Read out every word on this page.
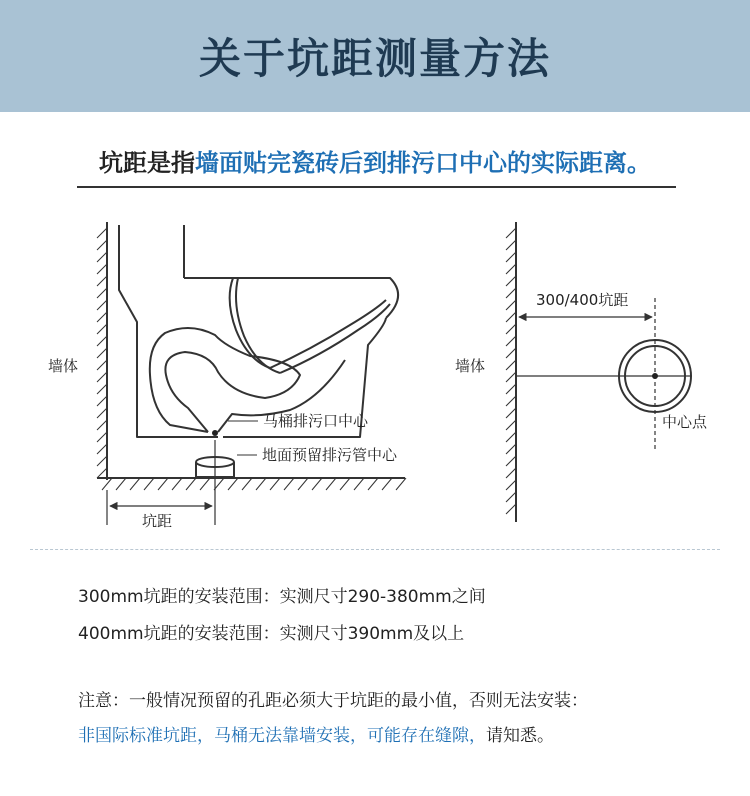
关于坑距测量方法
坑距是指墙面贴完瓷砖后到排污口中心的实际距离。
墙体
马桶排污口中心
地面预留排污管中心
坑距
墙体
300/400坑距
中心点
300mm坑距的安装范围：实测尺寸290-380mm之间
400mm坑距的安装范围：实测尺寸390mm及以上
注意：一般情况预留的孔距必须大于坑距的最小值，否则无法安装：
非国际标准坑距，马桶无法靠墙安装，可能存在缝隙，请知悉。
